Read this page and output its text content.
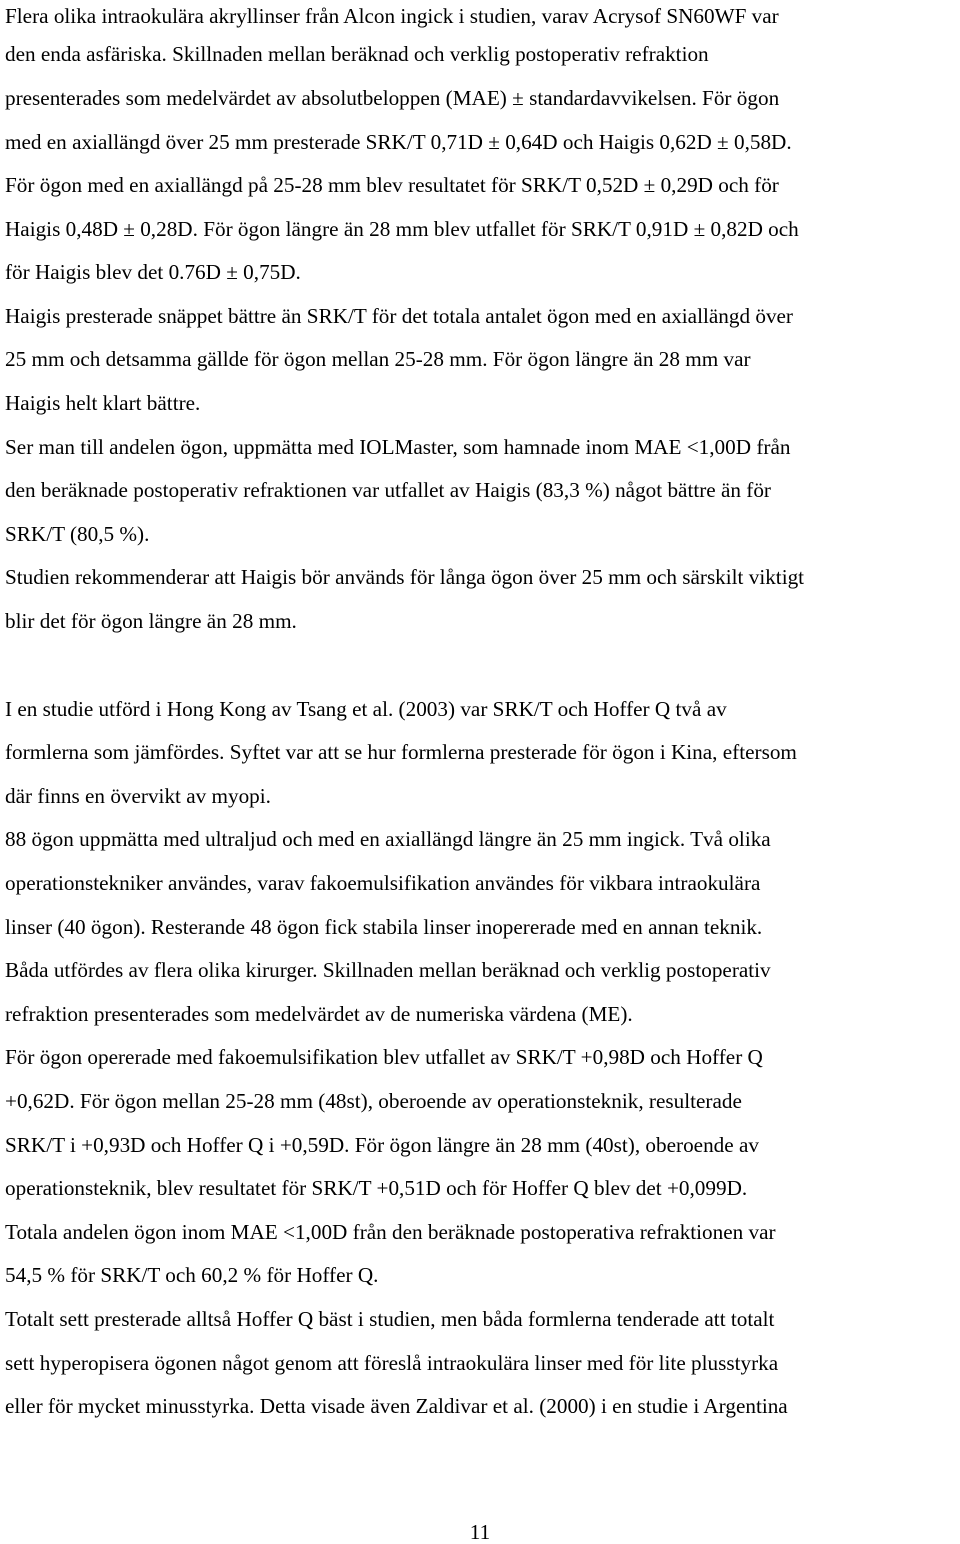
Flera olika intraokulära akryllinser från Alcon ingick i studien, varav Acrysof SN60WF var
den enda asfäriska. Skillnaden mellan beräknad och verklig postoperativ refraktion
presenterades som medelvärdet av absolutbeloppen (MAE) ± standardavvikelsen. För ögon
med en axiallängd över 25 mm presterade SRK/T 0,71D ± 0,64D och Haigis 0,62D ± 0,58D.
För ögon med en axiallängd på 25-28 mm blev resultatet för SRK/T 0,52D ± 0,29D och för
Haigis 0,48D ± 0,28D. För ögon längre än 28 mm blev utfallet för SRK/T 0,91D ± 0,82D och
för Haigis blev det 0.76D ± 0,75D.
Haigis presterade snäppet bättre än SRK/T för det totala antalet ögon med en axiallängd över
25 mm och detsamma gällde för ögon mellan 25-28 mm. För ögon längre än 28 mm var
Haigis helt klart bättre.
Ser man till andelen ögon, uppmätta med IOLMaster, som hamnade inom MAE <1,00D från
den beräknade postoperativ refraktionen var utfallet av Haigis (83,3 %) något bättre än för
SRK/T (80,5 %).
Studien rekommenderar att Haigis bör används för långa ögon över 25 mm och särskilt viktigt
blir det för ögon längre än 28 mm.
I en studie utförd i Hong Kong av Tsang et al. (2003) var SRK/T och Hoffer Q två av
formlerna som jämfördes. Syftet var att se hur formlerna presterade för ögon i Kina, eftersom
där finns en övervikt av myopi.
88 ögon uppmätta med ultraljud och med en axiallängd längre än 25 mm ingick. Två olika
operationstekniker användes, varav fakoemulsifikation användes för vikbara intraokulära
linser (40 ögon). Resterande 48 ögon fick stabila linser inopererade med en annan teknik.
Båda utfördes av flera olika kirurger. Skillnaden mellan beräknad och verklig postoperativ
refraktion presenterades som medelvärdet av de numeriska värdena (ME).
För ögon opererade med fakoemulsifikation blev utfallet av SRK/T +0,98D och Hoffer Q
+0,62D. För ögon mellan 25-28 mm (48st), oberoende av operationsteknik, resulterade
SRK/T i +0,93D och Hoffer Q i +0,59D. För ögon längre än 28 mm (40st), oberoende av
operationsteknik, blev resultatet för SRK/T +0,51D och för Hoffer Q blev det +0,099D.
Totala andelen ögon inom MAE <1,00D från den beräknade postoperativa refraktionen var
54,5 % för SRK/T och 60,2 % för Hoffer Q.
Totalt sett presterade alltså Hoffer Q bäst i studien, men båda formlerna tenderade att totalt
sett hyperopisera ögonen något genom att föreslå intraokulära linser med för lite plusstyrka
eller för mycket minusstyrka. Detta visade även Zaldivar et al. (2000) i en studie i Argentina
11
